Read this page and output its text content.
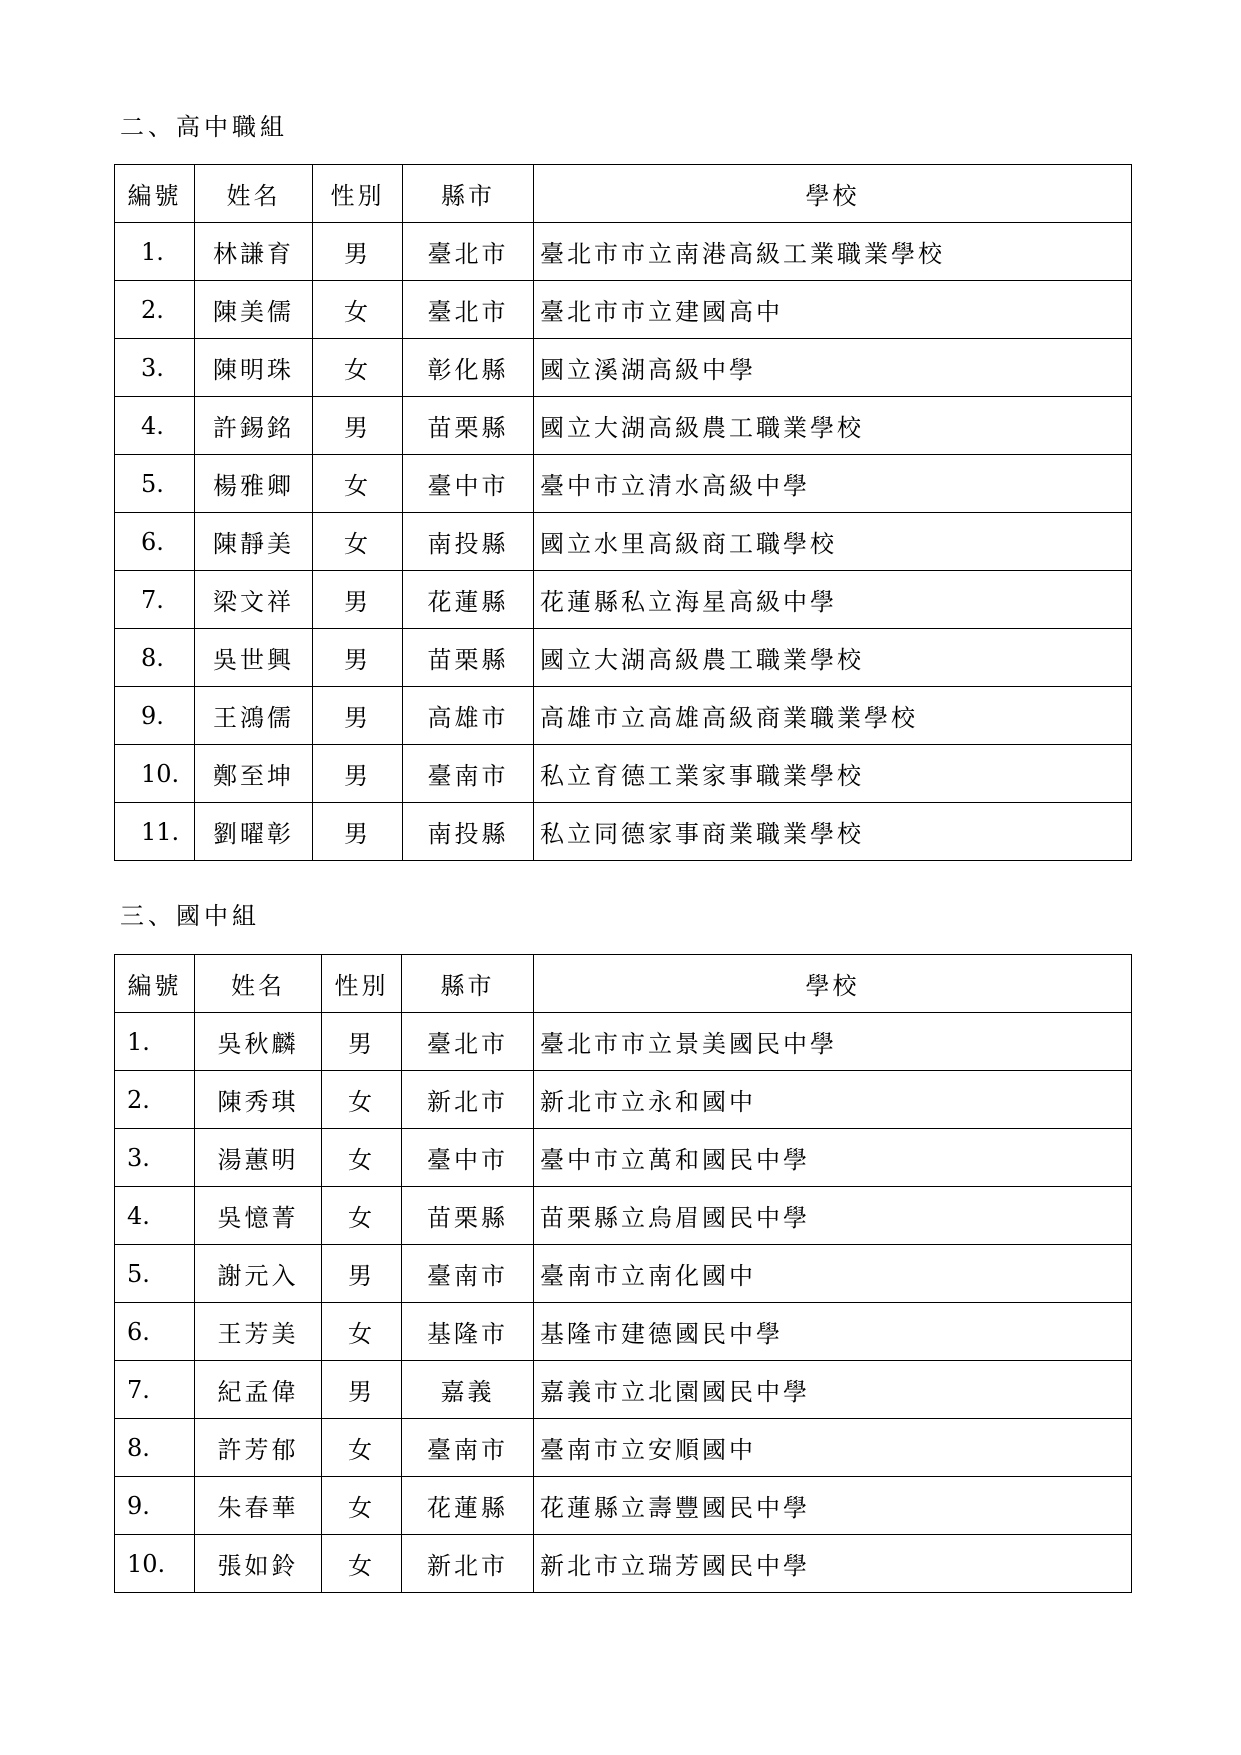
二、高中職組
編號	姓名	性別	縣市	學校
1.	林謙育	男	臺北市	臺北市市立南港高級工業職業學校
2.	陳美儒	女	臺北市	臺北市市立建國高中
3.	陳明珠	女	彰化縣	國立溪湖高級中學
4.	許錫銘	男	苗栗縣	國立大湖高級農工職業學校
5.	楊雅卿	女	臺中市	臺中市立清水高級中學
6.	陳靜美	女	南投縣	國立水里高級商工職學校
7.	梁文祥	男	花蓮縣	花蓮縣私立海星高級中學
8.	吳世興	男	苗栗縣	國立大湖高級農工職業學校
9.	王鴻儒	男	高雄市	高雄市立高雄高級商業職業學校
10.	鄭至坤	男	臺南市	私立育德工業家事職業學校
11.	劉曜彰	男	南投縣	私立同德家事商業職業學校
三、國中組
編號	姓名	性別	縣市	學校
1.	吳秋麟	男	臺北市	臺北市市立景美國民中學
2.	陳秀琪	女	新北市	新北市立永和國中
3.	湯蕙明	女	臺中市	臺中市立萬和國民中學
4.	吳憶菁	女	苗栗縣	苗栗縣立烏眉國民中學
5.	謝元入	男	臺南市	臺南市立南化國中
6.	王芳美	女	基隆市	基隆市建德國民中學
7.	紀孟偉	男	嘉義	嘉義市立北園國民中學
8.	許芳郁	女	臺南市	臺南市立安順國中
9.	朱春華	女	花蓮縣	花蓮縣立壽豐國民中學
10.	張如鈴	女	新北市	新北市立瑞芳國民中學
